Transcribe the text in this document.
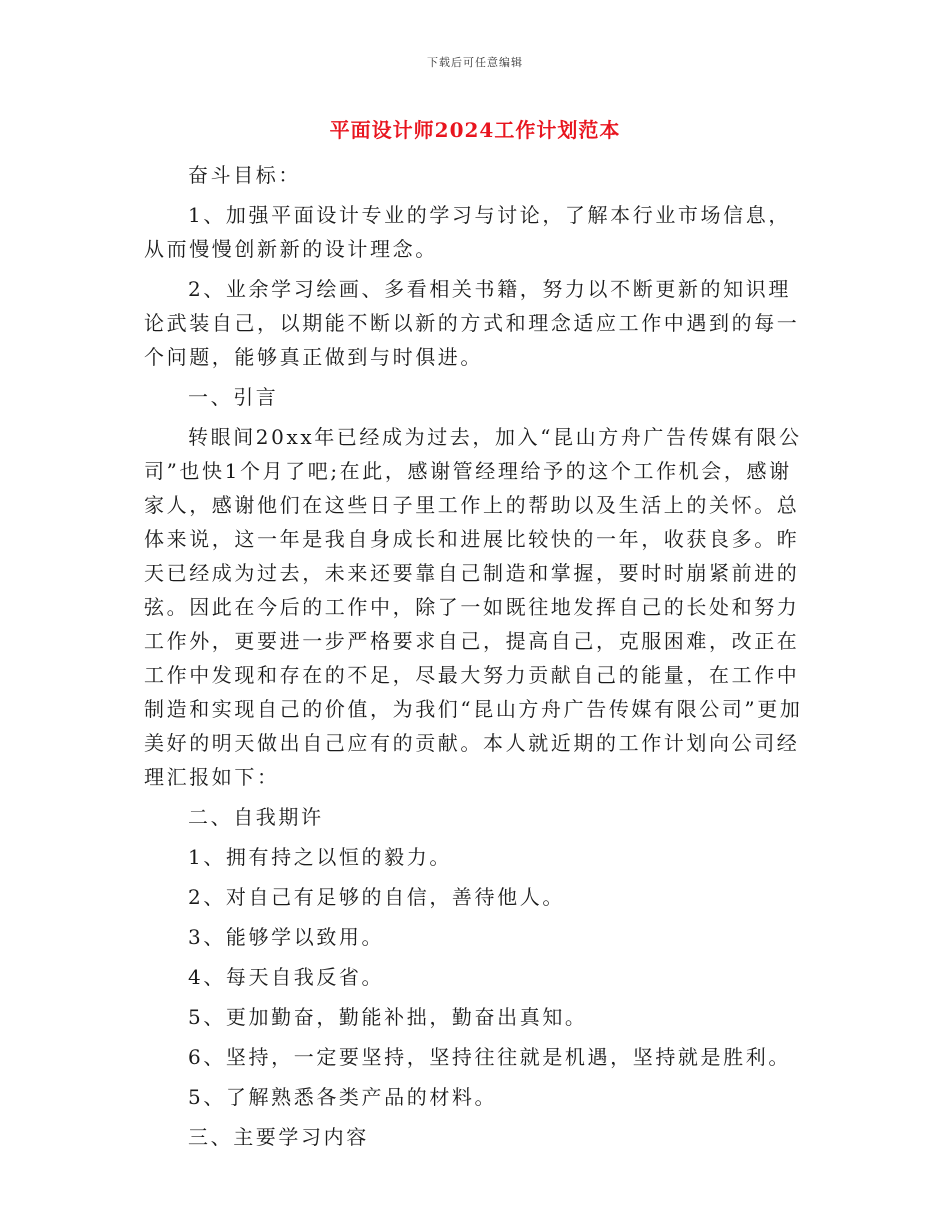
下载后可任意编辑
平面设计师2024工作计划范本

奋斗目标：

1、加强平面设计专业的学习与讨论，了解本行业市场信息，从而慢慢创新新的设计理念。

2、业余学习绘画、多看相关书籍，努力以不断更新的知识理论武装自己，以期能不断以新的方式和理念适应工作中遇到的每一个问题，能够真正做到与时俱进。

一、引言

转眼间20xx年已经成为过去，加入“昆山方舟广告传媒有限公司”也快1个月了吧;在此，感谢管经理给予的这个工作机会，感谢家人，感谢他们在这些日子里工作上的帮助以及生活上的关怀。总体来说，这一年是我自身成长和进展比较快的一年，收获良多。昨天已经成为过去，未来还要靠自己制造和掌握，要时时崩紧前进的弦。因此在今后的工作中，除了一如既往地发挥自己的长处和努力工作外，更要进一步严格要求自己，提高自己，克服困难，改正在工作中发现和存在的不足，尽最大努力贡献自己的能量，在工作中制造和实现自己的价值，为我们“昆山方舟广告传媒有限公司”更加美好的明天做出自己应有的贡献。本人就近期的工作计划向公司经理汇报如下：

二、自我期许

1、拥有持之以恒的毅力。

2、对自己有足够的自信，善待他人。

3、能够学以致用。

4、每天自我反省。

5、更加勤奋，勤能补拙，勤奋出真知。

6、坚持，一定要坚持，坚持往往就是机遇，坚持就是胜利。

5、了解熟悉各类产品的材料。

三、主要学习内容
